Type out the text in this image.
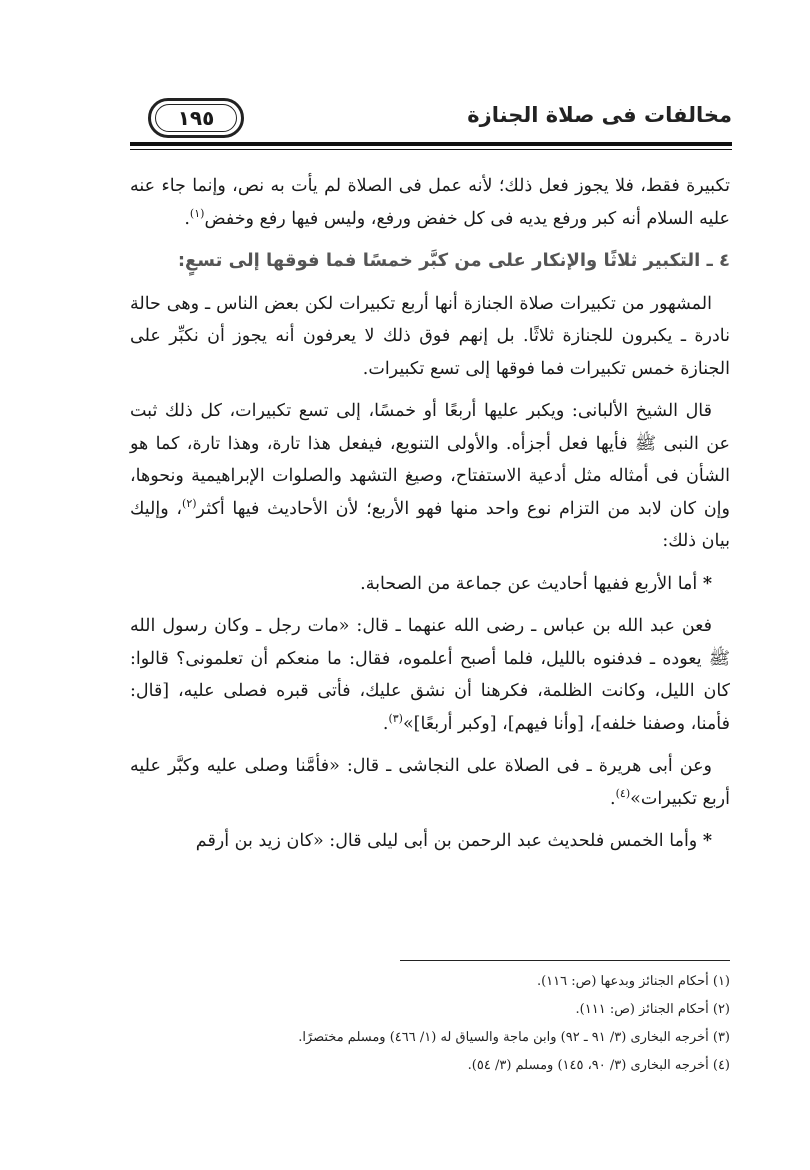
مخالفات فى صلاة الجنازة
١٩٥

تكبيرة فقط، فلا يجوز فعل ذلك؛ لأنه عمل فى الصلاة لم يأت به نص، وإنما جاء عنه عليه السلام أنه كبر ورفع يديه فى كل خفض ورفع، وليس فيها رفع وخفض$^{(١)}$.

٤ ـ التكبير ثلاثًا والإنكار على من كبَّر خمسًا فما فوقها إلى تسعٍ:

المشهور من تكبيرات صلاة الجنازة أنها أربع تكبيرات لكن بعض الناس ـ وهى حالة نادرة ـ يكبرون للجنازة ثلاثًا. بل إنهم فوق ذلك لا يعرفون أنه يجوز أن نكبِّر على الجنازة خمس تكبيرات فما فوقها إلى تسع تكبيرات.

قال الشيخ الألبانى: ويكبر عليها أربعًا أو خمسًا، إلى تسع تكبيرات، كل ذلك ثبت عن النبى ﷺ فأيها فعل أجزأه. والأولى التنويع، فيفعل هذا تارة، وهذا تارة، كما هو الشأن فى أمثاله مثل أدعية الاستفتاح، وصيغ التشهد والصلوات الإبراهيمية ونحوها، وإن كان لابد من التزام نوع واحد منها فهو الأربع؛ لأن الأحاديث فيها أكثر$^{(٢)}$، وإليك بيان ذلك:

* أما الأربع ففيها أحاديث عن جماعة من الصحابة.

فعن عبد الله بن عباس ـ رضى الله عنهما ـ قال: «مات رجل ـ وكان رسول الله ﷺ يعوده ـ فدفنوه بالليل، فلما أصبح أعلموه، فقال: ما منعكم أن تعلمونى؟ قالوا: كان الليل، وكانت الظلمة، فكرهنا أن نشق عليك، فأتى قبره فصلى عليه، [قال: فأمنا، وصفنا خلفه]، [وأنا فيهم]، [وكبر أربعًا]»$^{(٣)}$.

وعن أبى هريرة ـ فى الصلاة على النجاشى ـ قال: «فأمَّنا وصلى عليه وكبَّر عليه أربع تكبيرات»$^{(٤)}$.

* وأما الخمس فلحديث عبد الرحمن بن أبى ليلى قال: «كان زيد بن أرقم

(١) أحكام الجنائز وبدعها (ص: ١١٦).

(٢) أحكام الجنائز (ص: ١١١).

(٣) أخرجه البخارى (٣/ ٩١ ـ ٩٢) وابن ماجة والسياق له (١/ ٤٦٦) ومسلم مختصرًا.

(٤) أخرجه البخارى (٣/ ٩٠، ١٤٥) ومسلم (٣/ ٥٤).
